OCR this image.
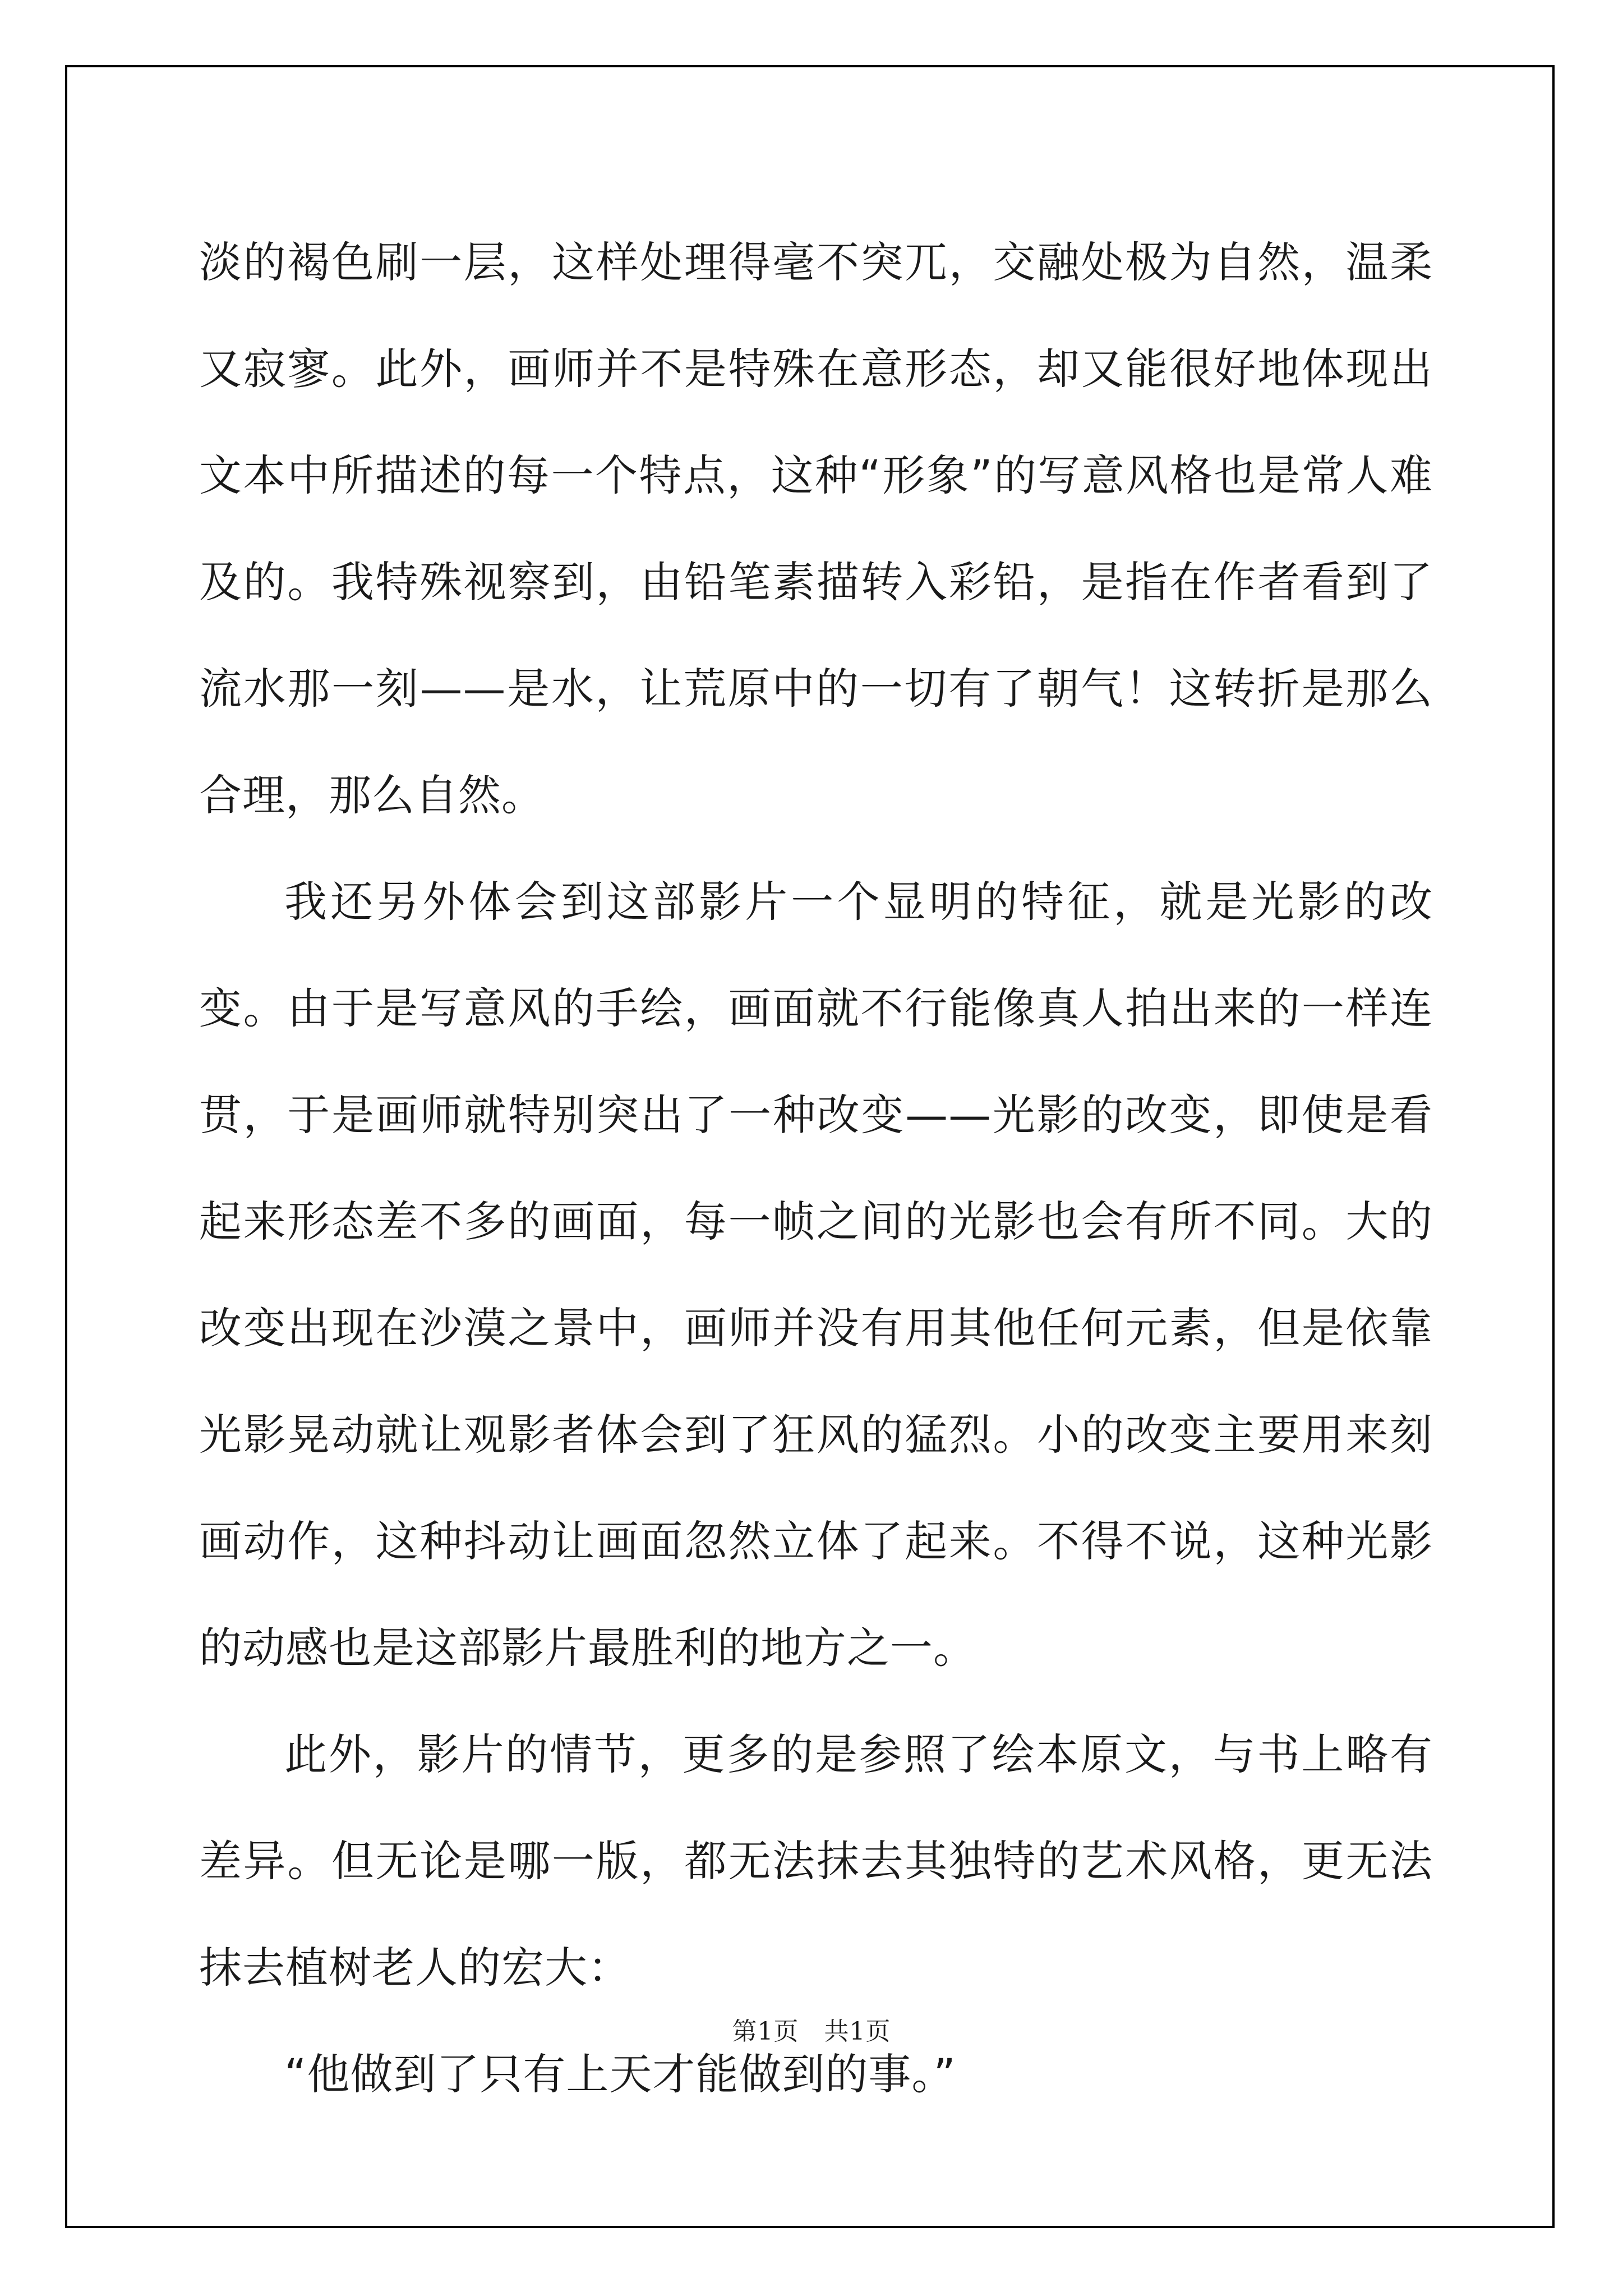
淡的褐色刷一层，这样处理得毫不突兀，交融处极为自然，温柔又寂寥。此外，画师并不是特殊在意形态，却又能很好地体现出文本中所描述的每一个特点，这种“形象”的写意风格也是常人难及的。我特殊视察到，由铅笔素描转入彩铅，是指在作者看到了流水那一刻——是水，让荒原中的一切有了朝气！这转折是那么合理，那么自然。

我还另外体会到这部影片一个显明的特征，就是光影的改变。由于是写意风的手绘，画面就不行能像真人拍出来的一样连贯，于是画师就特别突出了一种改变——光影的改变，即使是看起来形态差不多的画面，每一帧之间的光影也会有所不同。大的改变出现在沙漠之景中，画师并没有用其他任何元素，但是依靠光影晃动就让观影者体会到了狂风的猛烈。小的改变主要用来刻画动作，这种抖动让画面忽然立体了起来。不得不说，这种光影的动感也是这部影片最胜利的地方之一。

此外，影片的情节，更多的是参照了绘本原文，与书上略有差异。但无论是哪一版，都无法抹去其独特的艺术风格，更无法抹去植树老人的宏大：

“他做到了只有上天才能做到的事。”

第1页　共1页
